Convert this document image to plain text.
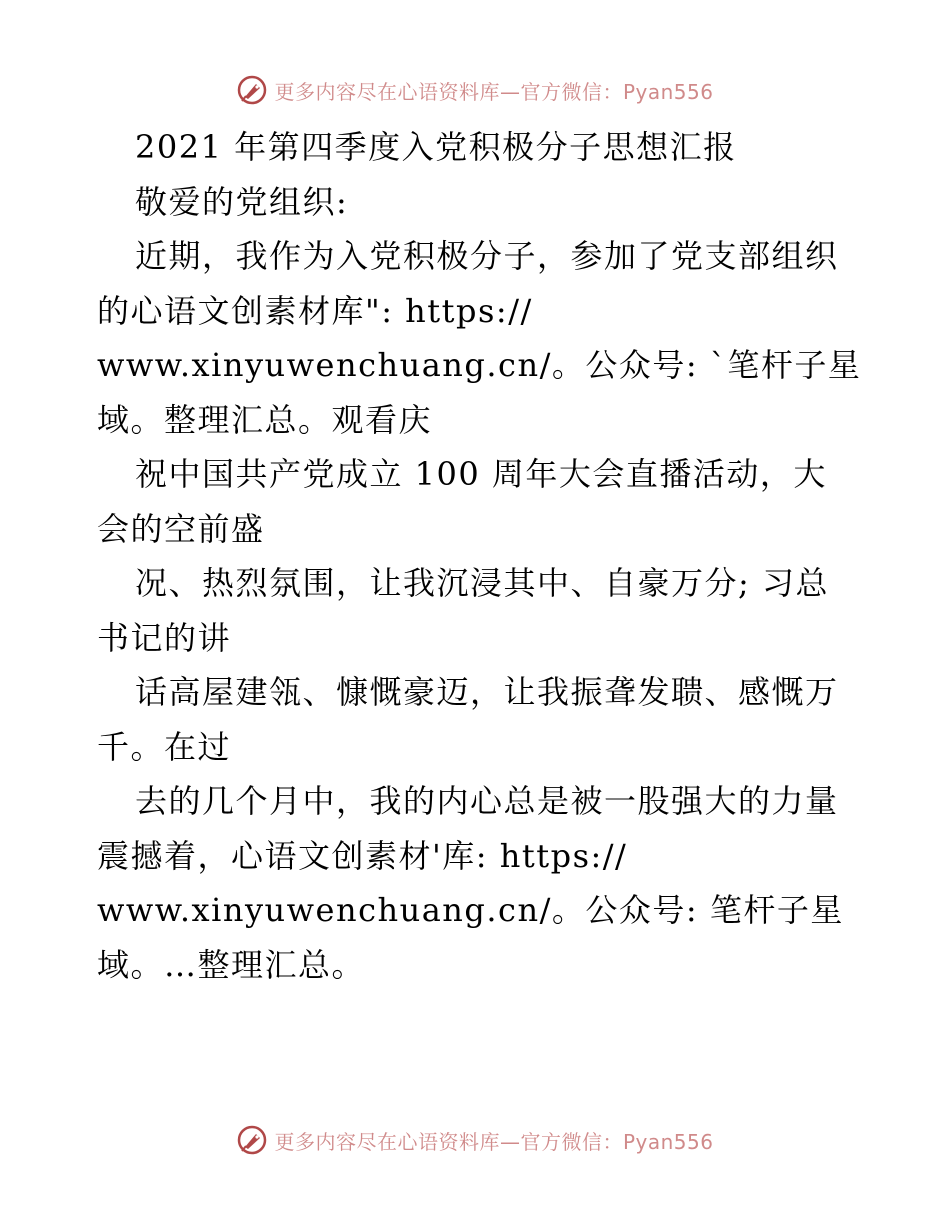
更多内容尽在心语资料库—官方微信：Pyan556
2021 年第四季度入党积极分子思想汇报
敬爱的党组织:
近期，我作为入党积极分子，参加了党支部组织
的心语文创素材库": https://
www.xinyuwenchuang.cn/。公众号: `笔杆子星
域。整理汇总。观看庆
祝中国共产党成立 100 周年大会直播活动，大
会的空前盛
况、热烈氛围，让我沉浸其中、自豪万分; 习总
书记的讲
话高屋建瓴、慷慨豪迈，让我振聋发聩、感慨万
千。在过
去的几个月中，我的内心总是被一股强大的力量
震撼着，心语文创素材'库: https://
www.xinyuwenchuang.cn/。公众号: 笔杆子星
域。…整理汇总。
更多内容尽在心语资料库—官方微信：Pyan556
